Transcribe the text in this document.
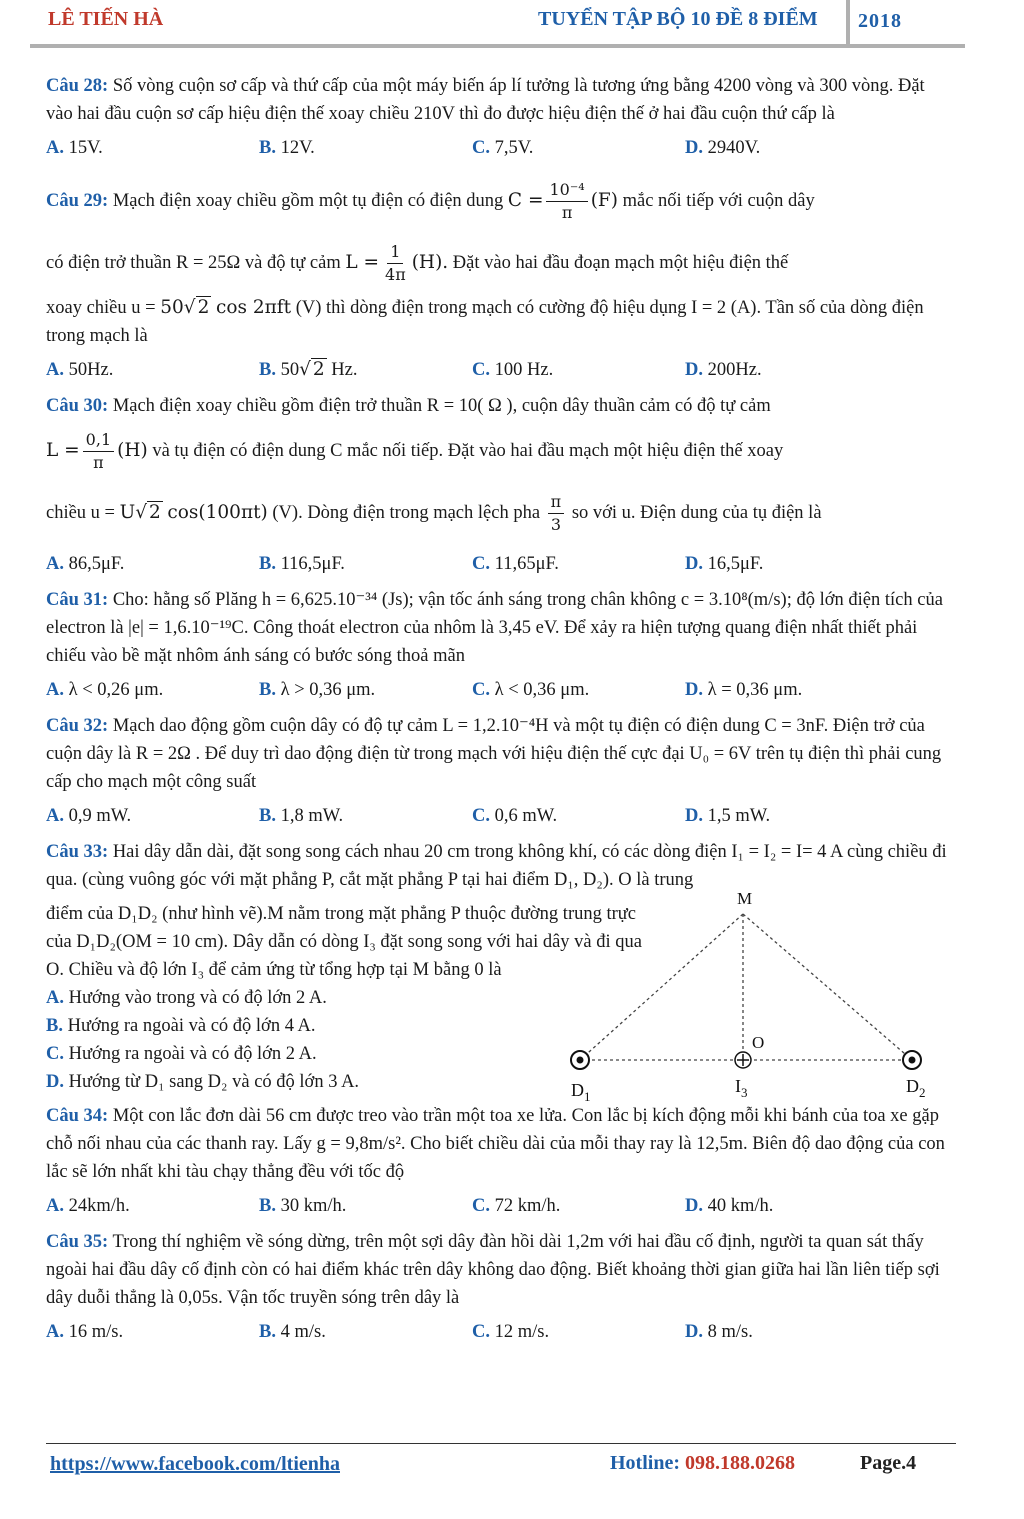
LÊ TIẾN HÀ	TUYỂN TẬP BỘ 10 ĐỀ 8 ĐIỂM 2018
Câu 28: Số vòng cuộn sơ cấp và thứ cấp của một máy biến áp lí tưởng là tương ứng bằng 4200 vòng và 300 vòng. Đặt vào hai đầu cuộn sơ cấp hiệu điện thế xoay chiều 210V thì đo được hiệu điện thế ở hai đầu cuộn thứ cấp là
A. 15V.	B. 12V.	C. 7,5V.	D. 2940V.
Câu 29: Mạch điện xoay chiều gồm một tụ điện có điện dung $C = \frac{\text{10⁻⁴}}{\pi} (F)$ mắc nối tiếp với cuộn dây
có điện trở thuần R = 25Ω và độ tự cảm $L = \frac{1}{4\pi} (H)$. Đặt vào hai đầu đoạn mạch một hiệu điện thế
xoay chiều u = 50√ 2 cos 2πft (V) thì dòng điện trong mạch có cường độ hiệu dụng I = 2 (A). Tần số của dòng điện trong mạch là
A. 50Hz.	B. 50√ 2 Hz.	C. 100 Hz.	D. 200Hz.
Câu 30: Mạch điện xoay chiều gồm điện trở thuần R = 10( Ω ), cuộn dây thuần cảm có độ tự cảm
$L = \frac{0,1}{\pi} (H)$ và tụ điện có điện dung C mắc nối tiếp. Đặt vào hai đầu mạch một hiệu điện thế xoay
chiều u = U√ 2 cos(100πt) (V). Dòng điện trong mạch lệch pha $\frac{\pi}{3}$ so với u. Điện dung của tụ điện là
A. 86,5μF.	B. 116,5μF.	C. 11,65μF.	D. 16,5μF.
Câu 31: Cho: hằng số Plăng h = 6,625.10⁻³⁴ (Js); vận tốc ánh sáng trong chân không c = 3.10⁸(m/s); độ lớn điện tích của electron là |e| = 1,6.10⁻¹⁹C. Công thoát electron của nhôm là 3,45 eV. Để xảy ra hiện tượng quang điện nhất thiết phải chiếu vào bề mặt nhôm ánh sáng có bước sóng thoả mãn
A. λ < 0,26 μm.	B. λ > 0,36 μm.	C. λ < 0,36 μm.	D. λ = 0,36 μm.
Câu 32: Mạch dao động gồm cuộn dây có độ tự cảm L = 1,2.10⁻⁴H và một tụ điện có điện dung C = 3nF. Điện trở của cuộn dây là R = 2Ω . Để duy trì dao động điện từ trong mạch với hiệu điện thế cực đại U₀ = 6V trên tụ điện thì phải cung cấp cho mạch một công suất
A. 0,9 mW.	B. 1,8 mW.	C. 0,6 mW.	D. 1,5 mW.
Câu 33: Hai dây dẫn dài, đặt song song cách nhau 20 cm trong không khí, có các dòng điện I₁ = I₂ = I= 4 A cùng chiều đi qua. (cùng vuông góc với mặt phẳng P, cắt mặt phẳng P tại hai điểm D₁, D₂). O là trung
điểm của D₁D₂ (như hình vẽ).M nằm trong mặt phẳng P thuộc đường trung trực của D₁D₂(OM = 10 cm). Dây dẫn có dòng I₃ đặt song song với hai dây và đi qua O. Chiều và độ lớn I₃ để cảm ứng từ tổng hợp tại M bằng 0 là
A. Hướng vào trong và có độ lớn 2 A.
B. Hướng ra ngoài và có độ lớn 4 A.
C. Hướng ra ngoài và có độ lớn 2 A.
D. Hướng từ D₁ sang D₂ và có độ lớn 3 A.
M
O
$D_1$
$I_3$	$D_2$
Câu 34: Một con lắc đơn dài 56 cm được treo vào trần một toa xe lửa. Con lắc bị kích động mỗi khi bánh của toa xe gặp chỗ nối nhau của các thanh ray. Lấy g = 9,8m/s². Cho biết chiều dài của mỗi thay ray là 12,5m. Biên độ dao động của con lắc sẽ lớn nhất khi tàu chạy thẳng đều với tốc độ
A. 24km/h.	B. 30 km/h.	C. 72 km/h.	D. 40 km/h.
Câu 35: Trong thí nghiệm về sóng dừng, trên một sợi dây đàn hồi dài 1,2m với hai đầu cố định, người ta quan sát thấy ngoài hai đầu dây cố định còn có hai điểm khác trên dây không dao động. Biết khoảng thời gian giữa hai lần liên tiếp sợi dây duỗi thẳng là 0,05s. Vận tốc truyền sóng trên dây là
A. 16 m/s.	B. 4 m/s.	C. 12 m/s.	D. 8 m/s.
https://www.facebook.com/ltienha	Hotline: 098.188.0268	Page.4
